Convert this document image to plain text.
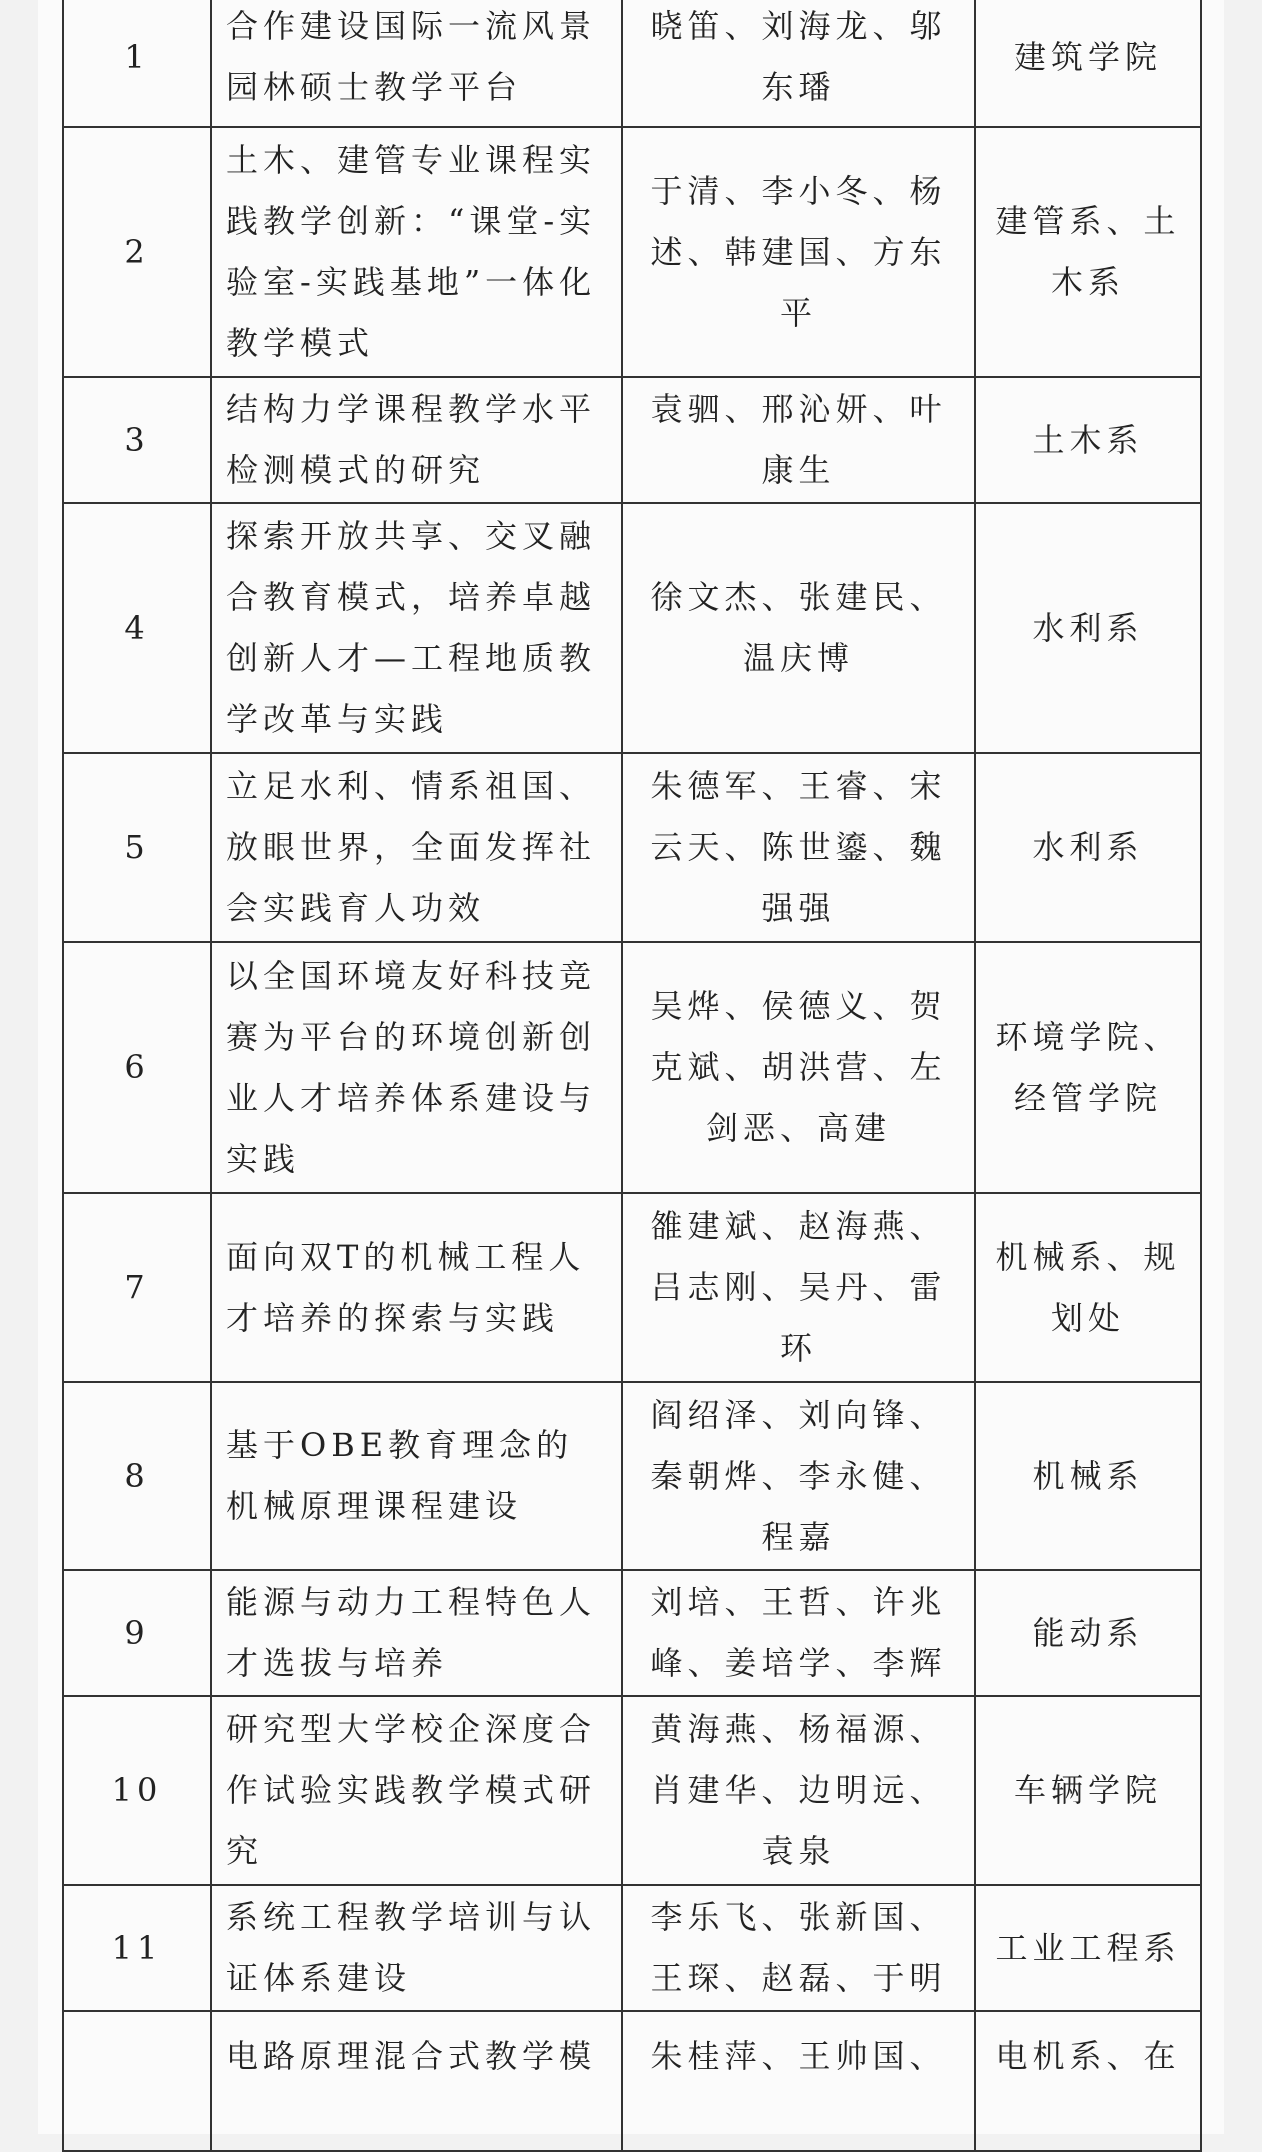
1	合作建设国际一流风景园林硕士教学平台	晓笛、刘海龙、邬东璠	建筑学院
2	土木、建管专业课程实践教学创新：“课堂-实验室-实践基地”一体化教学模式	于清、李小冬、杨述、韩建国、方东平	建管系、土木系
3	结构力学课程教学水平检测模式的研究	袁驷、邢沁妍、叶康生	土木系
4	探索开放共享、交叉融合教育模式，培养卓越创新人才—工程地质教学改革与实践	徐文杰、张建民、温庆博	水利系
5	立足水利、情系祖国、放眼世界，全面发挥社会实践育人功效	朱德军、王睿、宋云天、陈世鎏、魏强强	水利系
6	以全国环境友好科技竞赛为平台的环境创新创业人才培养体系建设与实践	吴烨、侯德义、贺克斌、胡洪营、左剑恶、高建	环境学院、经管学院
7	面向双T的机械工程人才培养的探索与实践	雒建斌、赵海燕、吕志刚、吴丹、雷环	机械系、规划处
8	基于OBE教育理念的机械原理课程建设	阎绍泽、刘向锋、秦朝烨、李永健、程嘉	机械系
9	能源与动力工程特色人才选拔与培养	刘培、王哲、许兆峰、姜培学、李辉	能动系
10	研究型大学校企深度合作试验实践教学模式研究	黄海燕、杨福源、肖建华、边明远、袁泉	车辆学院
11	系统工程教学培训与认证体系建设	李乐飞、张新国、王琛、赵磊、于明	工业工程系
	电路原理混合式教学模	朱桂萍、王帅国、	电机系、在
